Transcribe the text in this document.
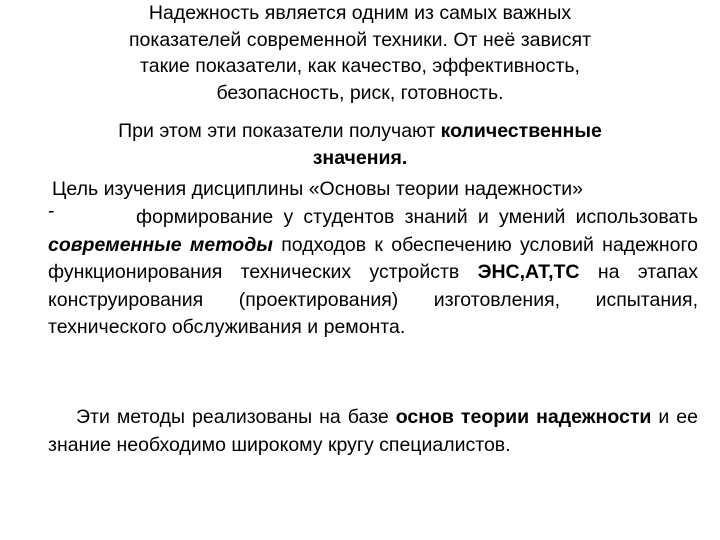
Надежность является одним из самых важных
показателей современной техники. От неё зависят
такие показатели, как качество, эффективность,
безопасность, риск, готовность.
При этом эти показатели получают количественные
значения.
Цель изучения дисциплины «Основы теории надежности»
-	формирование у студентов знаний и умений использовать современные методы подходов к обеспечению условий надежного функционирования технических устройств ЭНС,АТ,ТС на этапах конструирования (проектирования) изготовления, испытания, технического обслуживания и ремонта.
Эти методы реализованы на базе основ теории надежности и ее знание необходимо широкому кругу специалистов.
